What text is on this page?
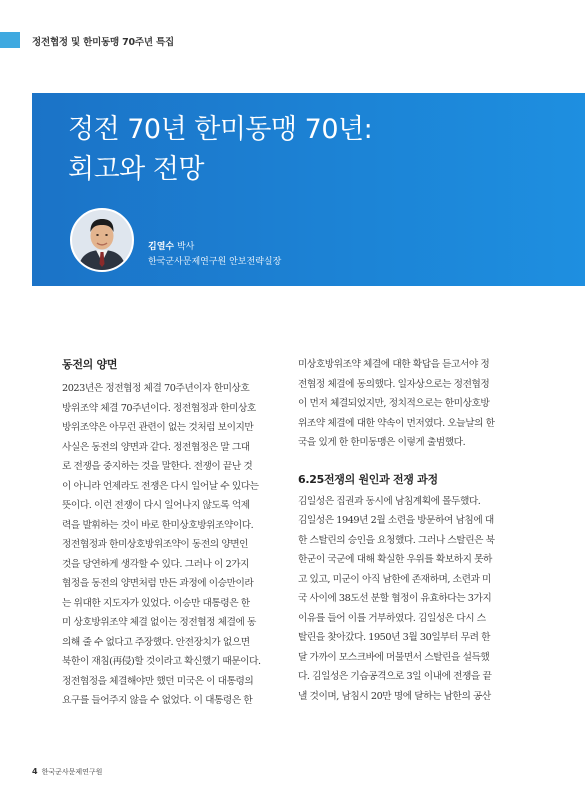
정전협정 및 한미동맹 70주년 특집
정전 70년 한미동맹 70년:
회고와 전망
김열수 박사
한국군사문제연구원 안보전략실장
동전의 양면
2023년은 정전협정 체결 70주년이자 한미상호
방위조약 체결 70주년이다. 정전협정과 한미상호
방위조약은 아무런 관련이 없는 것처럼 보이지만
사실은 동전의 양면과 같다. 정전협정은 말 그대
로 전쟁을 중지하는 것을 말한다. 전쟁이 끝난 것
이 아니라 언제라도 전쟁은 다시 일어날 수 있다는
뜻이다. 이런 전쟁이 다시 일어나지 않도록 억제
력을 발휘하는 것이 바로 한미상호방위조약이다.
정전협정과 한미상호방위조약이 동전의 양면인
것을 당연하게 생각할 수 있다. 그러나 이 2가지
협정을 동전의 양면처럼 만든 과정에 이승만이라
는 위대한 지도자가 있었다. 이승만 대통령은 한
미 상호방위조약 체결 없이는 정전협정 체결에 동
의해 줄 수 없다고 주장했다. 안전장치가 없으면
북한이 재침(再侵)할 것이라고 확신했기 때문이다.
정전협정을 체결해야만 했던 미국은 이 대통령의
요구를 들어주지 않을 수 없었다. 이 대통령은 한
미상호방위조약 체결에 대한 확답을 듣고서야 정
전협정 체결에 동의했다. 일자상으로는 정전협정
이 먼저 체결되었지만, 정치적으로는 한미상호방
위조약 체결에 대한 약속이 먼저였다. 오늘날의 한
국을 있게 한 한미동맹은 이렇게 출범했다.
6.25전쟁의 원인과 전쟁 과정
김일성은 집권과 동시에 남침계획에 몰두했다.
김일성은 1949년 2월 소련을 방문하여 남침에 대
한 스탈린의 승인을 요청했다. 그러나 스탈린은 북
한군이 국군에 대해 확실한 우위를 확보하지 못하
고 있고, 미군이 아직 남한에 존재하며, 소련과 미
국 사이에 38도선 분할 협정이 유효하다는 3가지
이유를 들어 이를 거부하였다. 김일성은 다시 스
탈린을 찾아갔다. 1950년 3월 30일부터 무려 한
달 가까이 모스크바에 머물면서 스탈린을 설득했
다. 김일성은 기습공격으로 3일 이내에 전쟁을 끝
낼 것이며, 남침시 20만 명에 달하는 남한의 공산
4 한국군사문제연구원
